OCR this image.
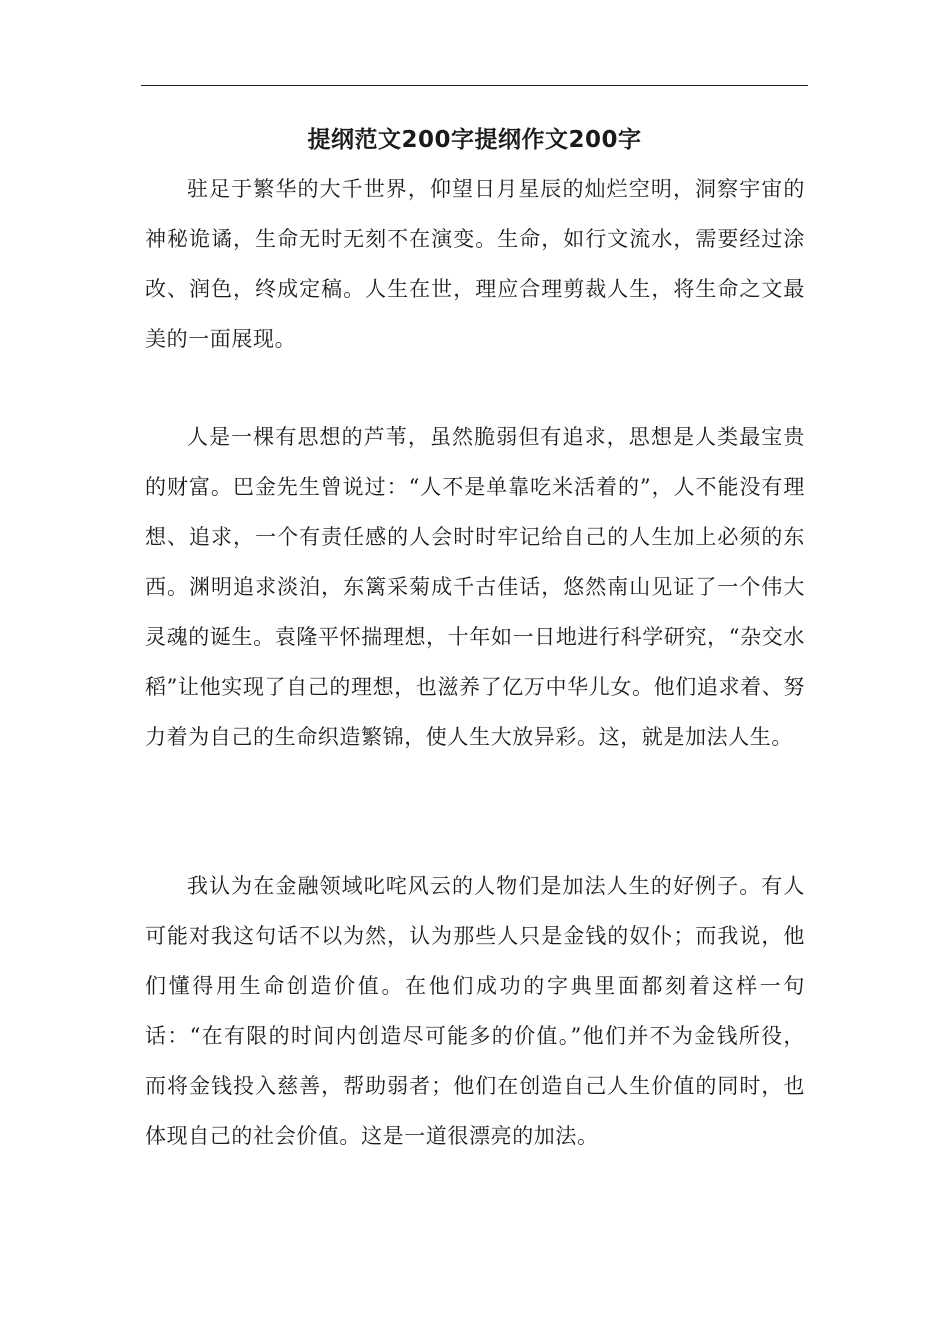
提纲范文200字提纲作文200字

驻足于繁华的大千世界，仰望日月星辰的灿烂空明，洞察宇宙的神秘诡谲，生命无时无刻不在演变。生命，如行文流水，需要经过涂改、润色，终成定稿。人生在世，理应合理剪裁人生，将生命之文最美的一面展现。

人是一棵有思想的芦苇，虽然脆弱但有追求，思想是人类最宝贵的财富。巴金先生曾说过：“人不是单靠吃米活着的”，人不能没有理想、追求，一个有责任感的人会时时牢记给自己的人生加上必须的东西。渊明追求淡泊，东篱采菊成千古佳话，悠然南山见证了一个伟大灵魂的诞生。袁隆平怀揣理想，十年如一日地进行科学研究，“杂交水稻”让他实现了自己的理想，也滋养了亿万中华儿女。他们追求着、努力着为自己的生命织造繁锦，使人生大放异彩。这，就是加法人生。

我认为在金融领域叱咤风云的人物们是加法人生的好例子。有人可能对我这句话不以为然，认为那些人只是金钱的奴仆；而我说，他们懂得用生命创造价值。在他们成功的字典里面都刻着这样一句话：“在有限的时间内创造尽可能多的价值。”他们并不为金钱所役，而将金钱投入慈善，帮助弱者；他们在创造自己人生价值的同时，也体现自己的社会价值。这是一道很漂亮的加法。
